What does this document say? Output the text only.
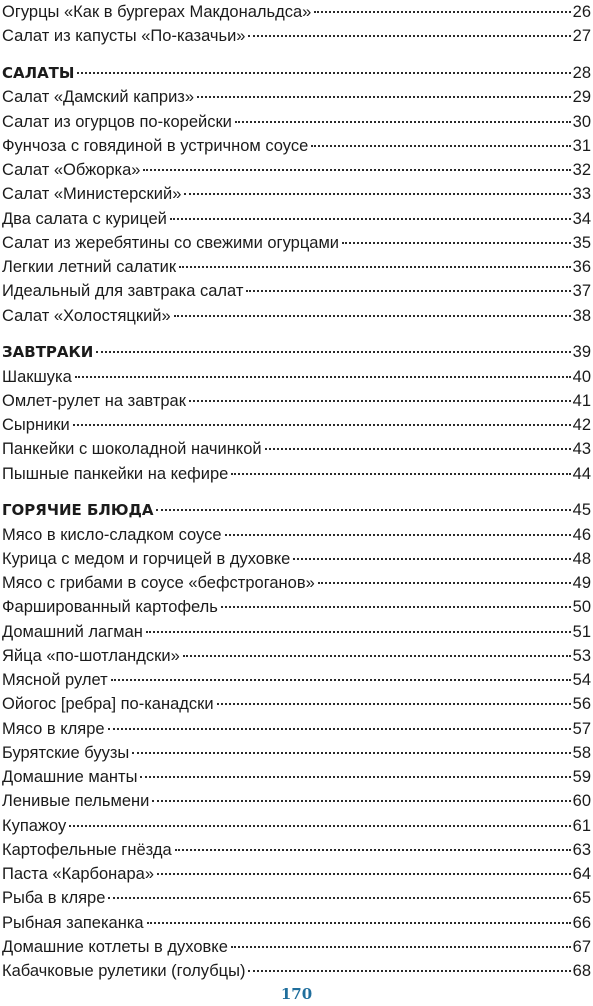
Огурцы «Как в бургерах Макдональдса»	26
Салат из капусты «По-казачьи»	27
САЛАТЫ	28
Салат «Дамский каприз»	29
Салат из огурцов по-корейски	30
Фунчоза с говядиной в устричном соусе	31
Салат «Обжорка»	32
Салат «Министерский»	33
Два салата с курицей	34
Салат из жеребятины со свежими огурцами	35
Легкии летний салатик	36
Идеальный для завтрака салат	37
Салат «Холостяцкий»	38
ЗАВТРАКИ	39
Шакшука	40
Омлет-рулет на завтрак	41
Сырники	42
Панкейки с шоколадной начинкой	43
Пышные панкейки на кефире	44
ГОРЯЧИЕ БЛЮДА	45
Мясо в кисло-сладком соусе	46
Курица с медом и горчицей в духовке	48
Мясо с грибами в соусе «бефстроганов»	49
Фаршированный картофель	50
Домашний лагман	51
Яйца «по-шотландски»	53
Мясной рулет	54
Ойогос [ребра] по-канадски	56
Мясо в кляре	57
Бурятские буузы	58
Домашние манты	59
Ленивые пельмени	60
Купажоу	61
Картофельные гнёзда	63
Паста «Карбонара»	64
Рыба в кляре	65
Рыбная запеканка	66
Домашние котлеты в духовке	67
Кабачковые рулетики (голубцы)	68
170
